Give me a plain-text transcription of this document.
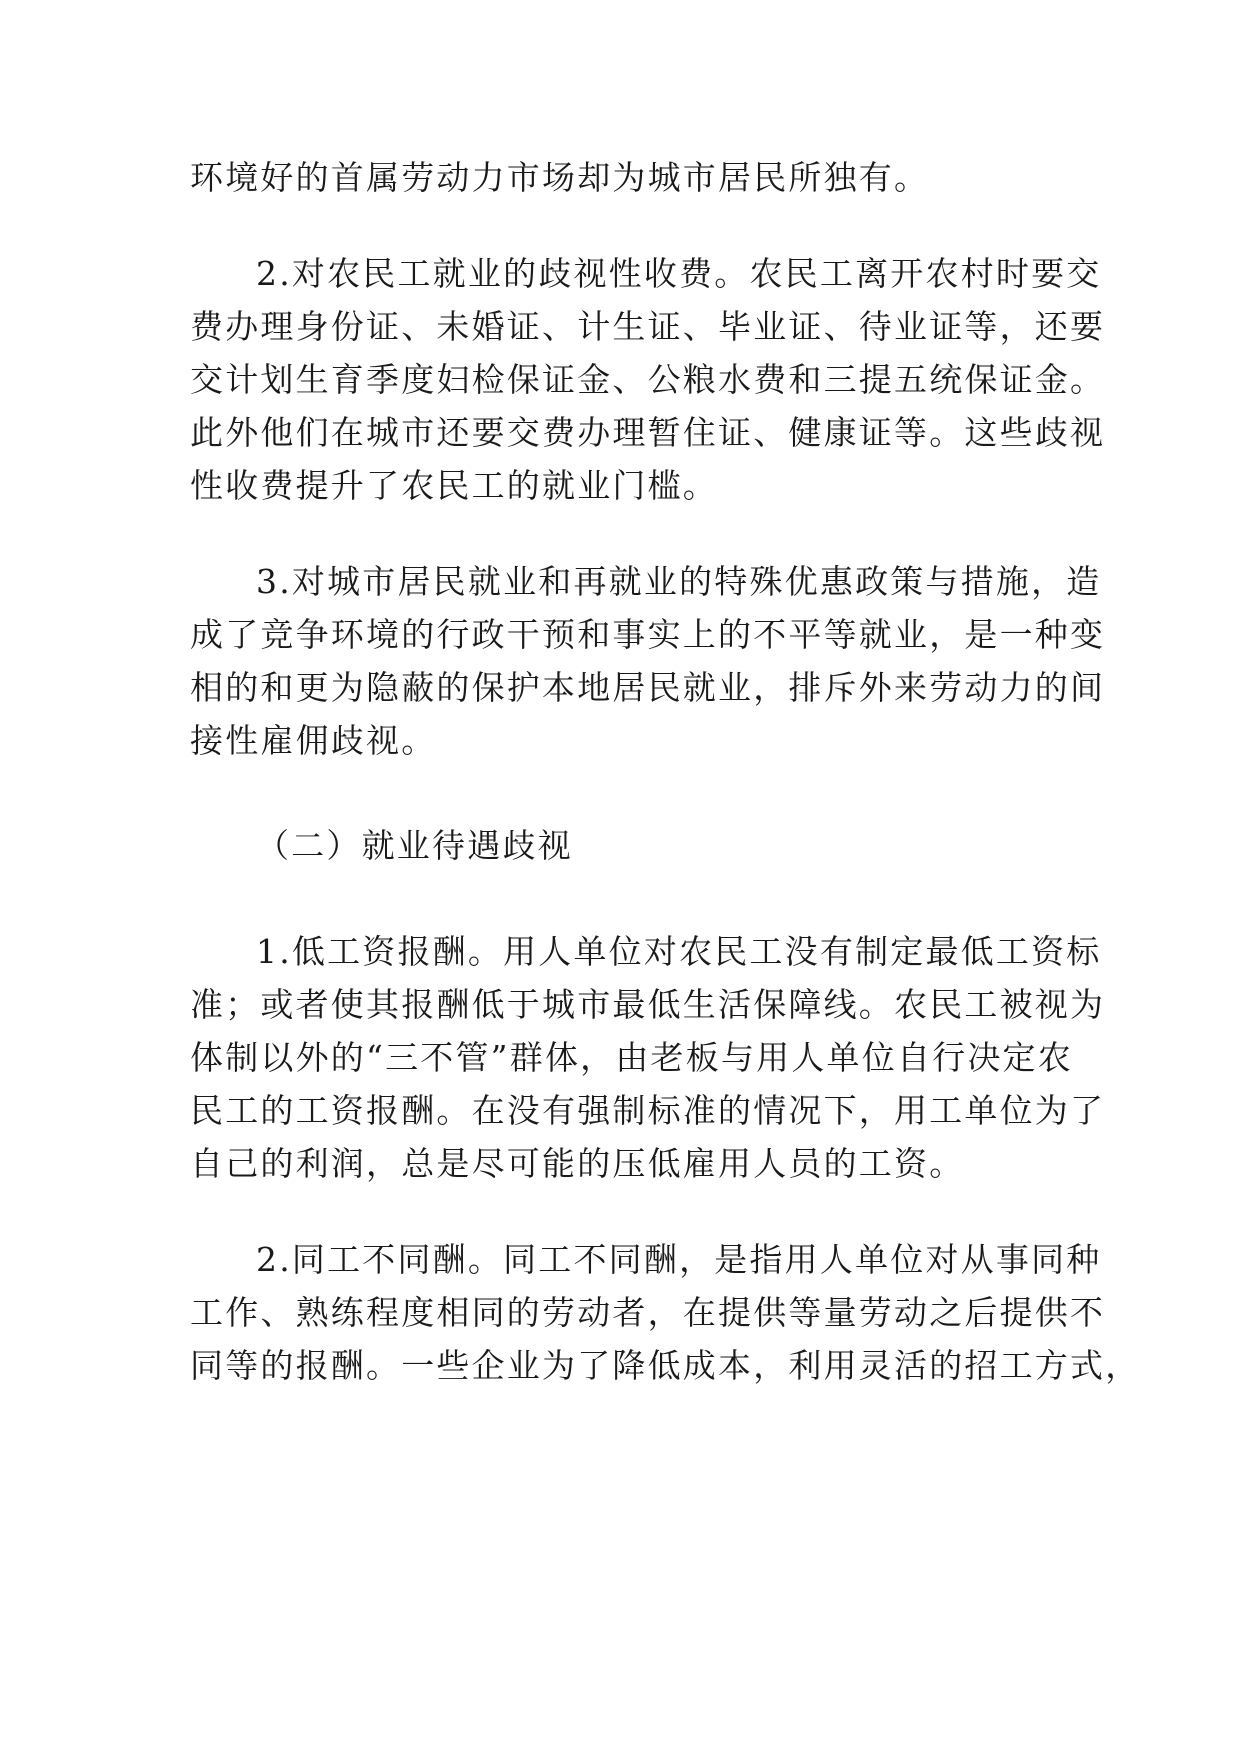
环境好的首属劳动力市场却为城市居民所独有。
2.对农民工就业的歧视性收费。农民工离开农村时要交
费办理身份证、未婚证、计生证、毕业证、待业证等，还要
交计划生育季度妇检保证金、公粮水费和三提五统保证金。
此外他们在城市还要交费办理暂住证、健康证等。这些歧视
性收费提升了农民工的就业门槛。
3.对城市居民就业和再就业的特殊优惠政策与措施，造
成了竞争环境的行政干预和事实上的不平等就业，是一种变
相的和更为隐蔽的保护本地居民就业，排斥外来劳动力的间
接性雇佣歧视。
（二）就业待遇歧视
1.低工资报酬。用人单位对农民工没有制定最低工资标
准；或者使其报酬低于城市最低生活保障线。农民工被视为
体制以外的“三不管”群体，由老板与用人单位自行决定农
民工的工资报酬。在没有强制标准的情况下，用工单位为了
自己的利润，总是尽可能的压低雇用人员的工资。
2.同工不同酬。同工不同酬，是指用人单位对从事同种
工作、熟练程度相同的劳动者，在提供等量劳动之后提供不
同等的报酬。一些企业为了降低成本，利用灵活的招工方式，
